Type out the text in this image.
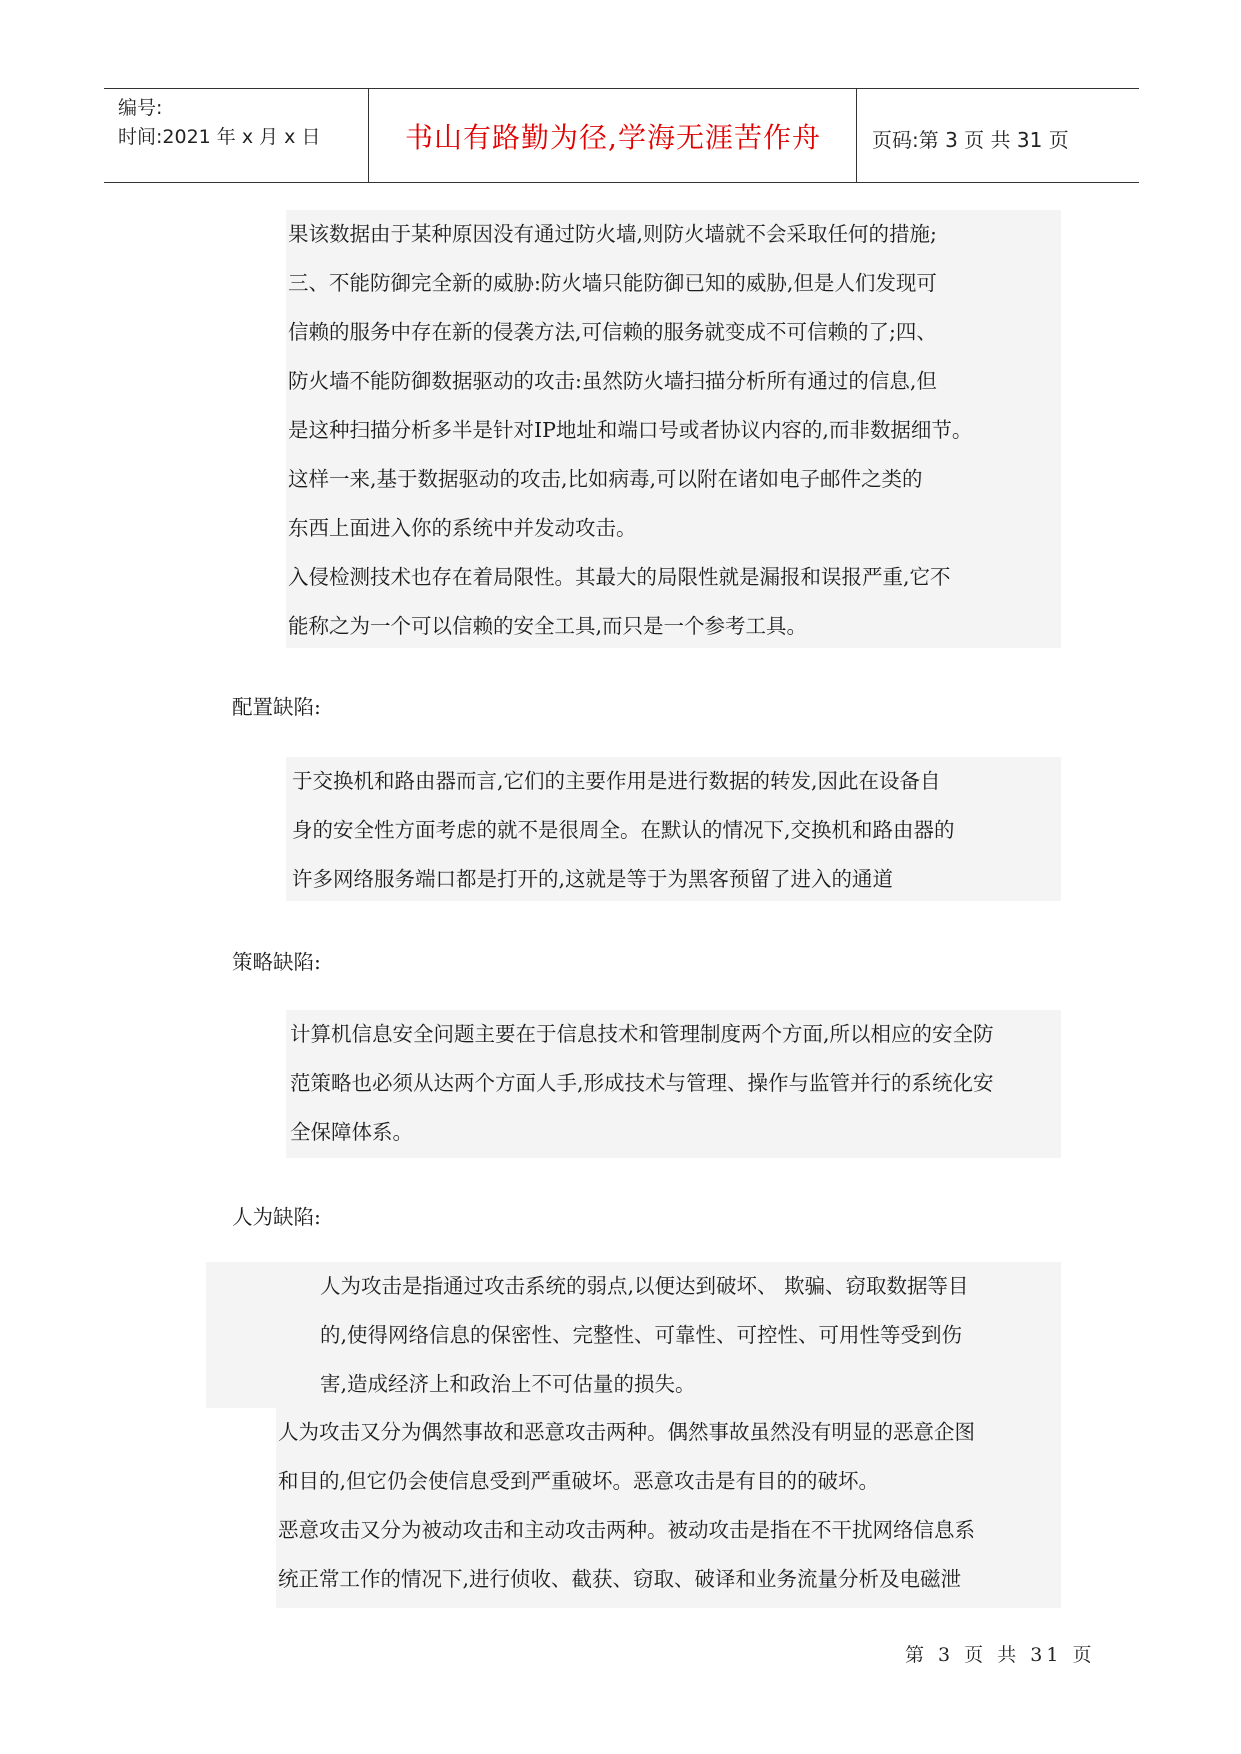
编号:
时间:2021 年 x 月 x 日	书山有路勤为径,学海无涯苦作舟	页码:第 3 页 共 31 页
果该数据由于某种原因没有通过防火墙,则防火墙就不会采取任何的措施;
三、不能防御完全新的威胁:防火墙只能防御已知的威胁,但是人们发现可
信赖的服务中存在新的侵袭方法,可信赖的服务就变成不可信赖的了;四、
防火墙不能防御数据驱动的攻击:虽然防火墙扫描分析所有通过的信息,但
是这种扫描分析多半是针对IP地址和端口号或者协议内容的,而非数据细节。
这样一来,基于数据驱动的攻击,比如病毒,可以附在诸如电子邮件之类的
东西上面进入你的系统中并发动攻击。
入侵检测技术也存在着局限性。其最大的局限性就是漏报和误报严重,它不
能称之为一个可以信赖的安全工具,而只是一个参考工具。
配置缺陷:
于交换机和路由器而言,它们的主要作用是进行数据的转发,因此在设备自
身的安全性方面考虑的就不是很周全。在默认的情况下,交换机和路由器的
许多网络服务端口都是打开的,这就是等于为黑客预留了进入的通道
策略缺陷:
计算机信息安全问题主要在于信息技术和管理制度两个方面,所以相应的安全防
范策略也必须从达两个方面人手,形成技术与管理、操作与监管并行的系统化安
全保障体系。
人为缺陷:
人为攻击是指通过攻击系统的弱点,以便达到破坏、 欺骗、窃取数据等目
的,使得网络信息的保密性、完整性、可靠性、可控性、可用性等受到伤
害,造成经济上和政治上不可估量的损失。
人为攻击又分为偶然事故和恶意攻击两种。偶然事故虽然没有明显的恶意企图
和目的,但它仍会使信息受到严重破坏。恶意攻击是有目的的破坏。
恶意攻击又分为被动攻击和主动攻击两种。被动攻击是指在不干扰网络信息系
统正常工作的情况下,进行侦收、截获、窃取、破译和业务流量分析及电磁泄
第 3 页 共 31 页
